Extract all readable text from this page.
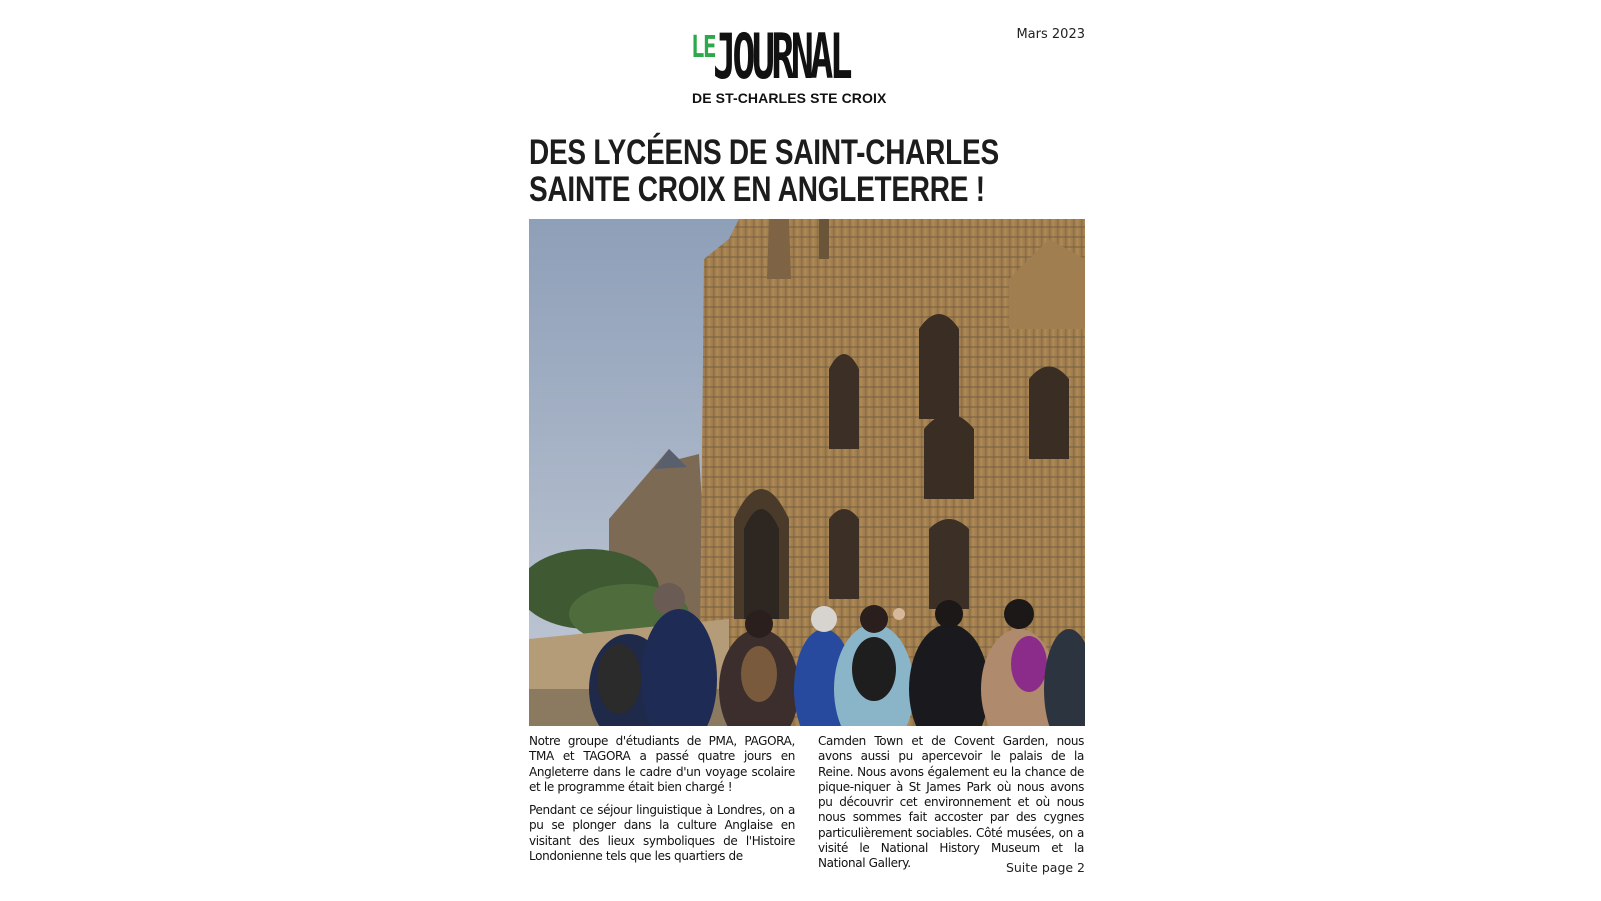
Mars 2023
LE
JOURNAL
DE ST-CHARLES STE CROIX
DES LYCÉENS DE SAINT-CHARLES SAINTE CROIX EN ANGLETERRE !

Notre groupe d'étudiants de PMA, PAGORA, TMA et TAGORA a passé quatre jours en Angleterre dans le cadre d'un voyage scolaire et le programme était bien chargé !

Pendant ce séjour linguistique à Londres, on a pu se plonger dans la culture Anglaise en visitant des lieux symboliques de l'Histoire Londonienne tels que les quartiers de

Camden Town et de Covent Garden, nous avons aussi pu apercevoir le palais de la Reine. Nous avons également eu la chance de pique-niquer à St James Park où nous avons pu découvrir cet environnement et où nous nous sommes fait accoster par des cygnes particulièrement sociables. Côté musées, on a visité le National History Museum et la National Gallery.	Suite page 2
